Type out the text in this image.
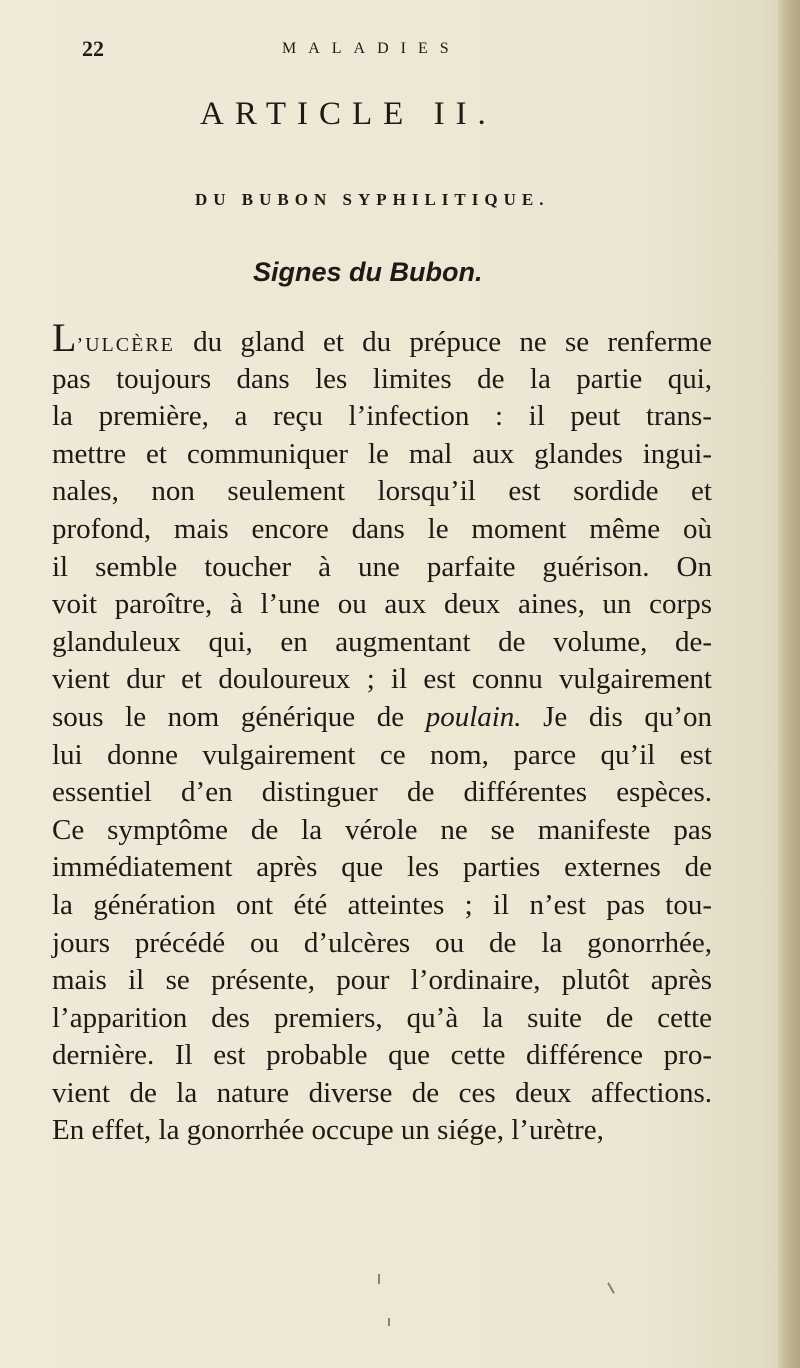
22	MALADIES
ARTICLE II.
DU BUBON SYPHILITIQUE.
Signes du Bubon.
L’ULCÈRE du gland et du prépuce ne se renferme
pas toujours dans les limites de la partie qui,
la première, a reçu l’infection : il peut trans-
mettre et communiquer le mal aux glandes ingui-
nales, non seulement lorsqu’il est sordide et
profond, mais encore dans le moment même où
il semble toucher à une parfaite guérison. On
voit paroître, à l’une ou aux deux aines, un corps
glanduleux qui, en augmentant de volume, de-
vient dur et douloureux ; il est connu vulgairement
sous le nom générique de poulain. Je dis qu’on
lui donne vulgairement ce nom, parce qu’il est
essentiel d’en distinguer de différentes espèces.
Ce symptôme de la vérole ne se manifeste pas
immédiatement après que les parties externes de
la génération ont été atteintes ; il n’est pas tou-
jours précédé ou d’ulcères ou de la gonorrhée,
mais il se présente, pour l’ordinaire, plutôt après
l’apparition des premiers, qu’à la suite de cette
dernière. Il est probable que cette différence pro-
vient de la nature diverse de ces deux affections.
En effet, la gonorrhée occupe un siége, l’urètre,
